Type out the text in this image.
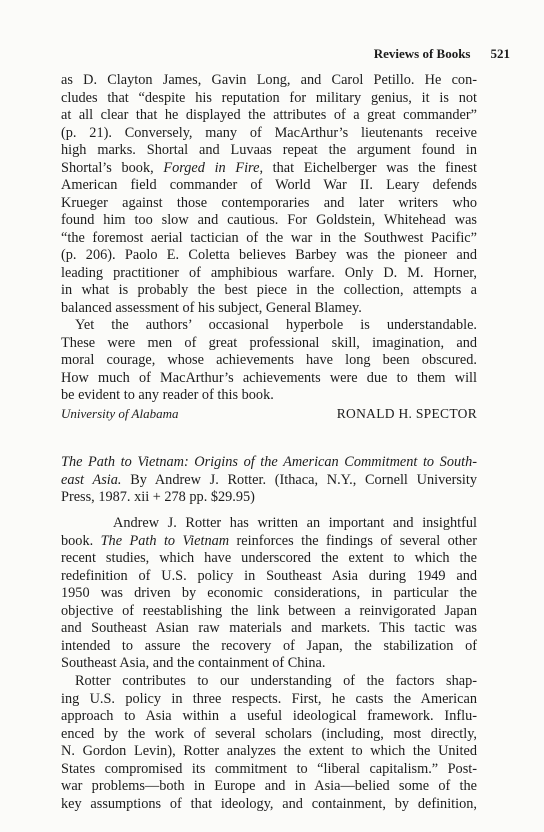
Reviews of Books 521
as D. Clayton James, Gavin Long, and Carol Petillo. He con-
cludes that “despite his reputation for military genius, it is not
at all clear that he displayed the attributes of a great commander”
(p. 21). Conversely, many of MacArthur’s lieutenants receive
high marks. Shortal and Luvaas repeat the argument found in
Shortal’s book, Forged in Fire, that Eichelberger was the finest
American field commander of World War II. Leary defends
Krueger against those contemporaries and later writers who
found him too slow and cautious. For Goldstein, Whitehead was
“the foremost aerial tactician of the war in the Southwest Pacific”
(p. 206). Paolo E. Coletta believes Barbey was the pioneer and
leading practitioner of amphibious warfare. Only D. M. Horner,
in what is probably the best piece in the collection, attempts a
balanced assessment of his subject, General Blamey.
Yet the authors’ occasional hyperbole is understandable.
These were men of great professional skill, imagination, and
moral courage, whose achievements have long been obscured.
How much of MacArthur’s achievements were due to them will
be evident to any reader of this book.
University of Alabama	RONALD H. SPECTOR
The Path to Vietnam: Origins of the American Commitment to South-
east Asia. By Andrew J. Rotter. (Ithaca, N.Y., Cornell University
Press, 1987. xii + 278 pp. $29.95)
Andrew J. Rotter has written an important and insightful
book. The Path to Vietnam reinforces the findings of several other
recent studies, which have underscored the extent to which the
redefinition of U.S. policy in Southeast Asia during 1949 and
1950 was driven by economic considerations, in particular the
objective of reestablishing the link between a reinvigorated Japan
and Southeast Asian raw materials and markets. This tactic was
intended to assure the recovery of Japan, the stabilization of
Southeast Asia, and the containment of China.
Rotter contributes to our understanding of the factors shap-
ing U.S. policy in three respects. First, he casts the American
approach to Asia within a useful ideological framework. Influ-
enced by the work of several scholars (including, most directly,
N. Gordon Levin), Rotter analyzes the extent to which the United
States compromised its commitment to “liberal capitalism.” Post-
war problems—both in Europe and in Asia—belied some of the
key assumptions of that ideology, and containment, by definition,
